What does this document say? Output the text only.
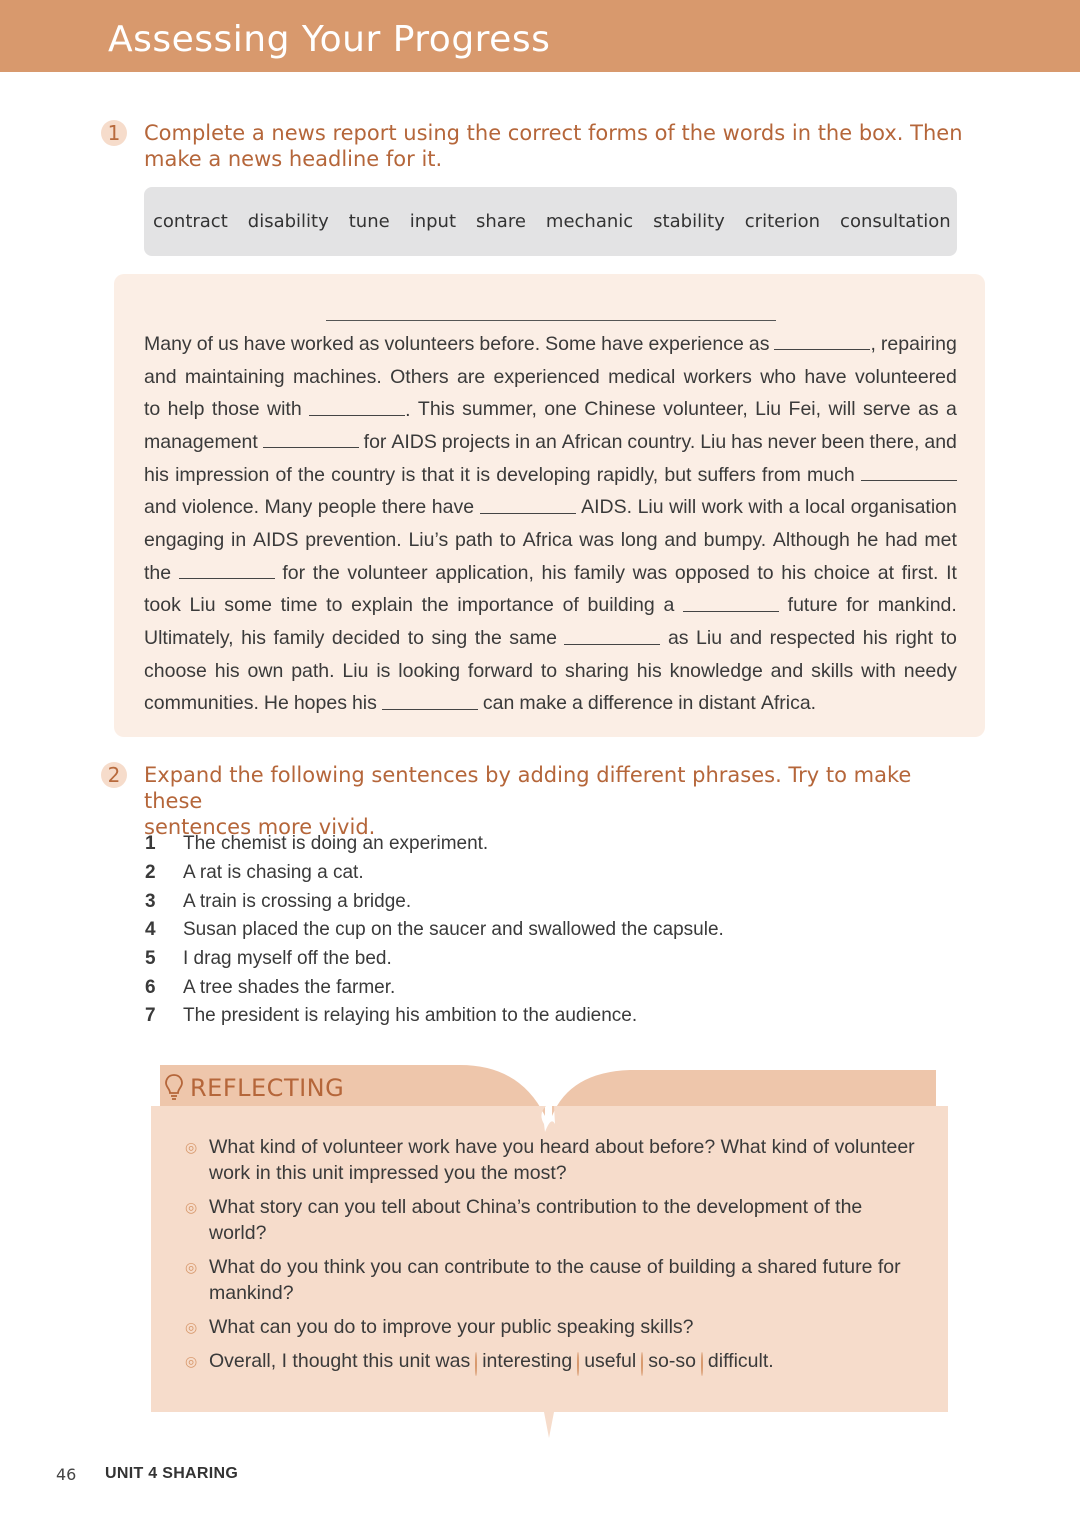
Assessing Your Progress
1	Complete a news report using the correct forms of the words in the box. Then
make a news headline for it.
contract disability tune input share mechanic stability criterion consultation
Many of us have worked as volunteers before. Some have experience as	, repairing
and maintaining machines. Others are experienced medical workers who have volunteered
to help those with	. This summer, one Chinese volunteer, Liu Fei, will serve as a
management	for AIDS projects in an African country. Liu has never been there, and
his impression of the country is that it is developing rapidly, but suffers from much
and violence. Many people there have	AIDS. Liu will work with a local organisation
engaging in AIDS prevention. Liu’s path to Africa was long and bumpy. Although he had met
the	for the volunteer application, his family was opposed to his choice at first. It
took Liu some time to explain the importance of building a	future for mankind.
Ultimately, his family decided to sing the same	as Liu and respected his right to
choose his own path. Liu is looking forward to sharing his knowledge and skills with needy
communities. He hopes his	can make a difference in distant Africa.
2	Expand the following sentences by adding different phrases. Try to make these
sentences more vivid.
1	The chemist is doing an experiment.
2	A rat is chasing a cat.
3	A train is crossing a bridge.
4	Susan placed the cup on the saucer and swallowed the capsule.
5	I drag myself off the bed.
6	A tree shades the farmer.
7	The president is relaying his ambition to the audience.
REFLECTING
◎ What kind of volunteer work have you heard about before? What kind of volunteer
work in this unit impressed you the most?
◎ What story can you tell about China’s contribution to the development of the
world?
◎ What do you think you can contribute to the cause of building a shared future for
mankind?
◎ What can you do to improve your public speaking skills?
◎ Overall, I thought this unit was interesting useful so-so difficult.
46 UNIT 4 SHARING
